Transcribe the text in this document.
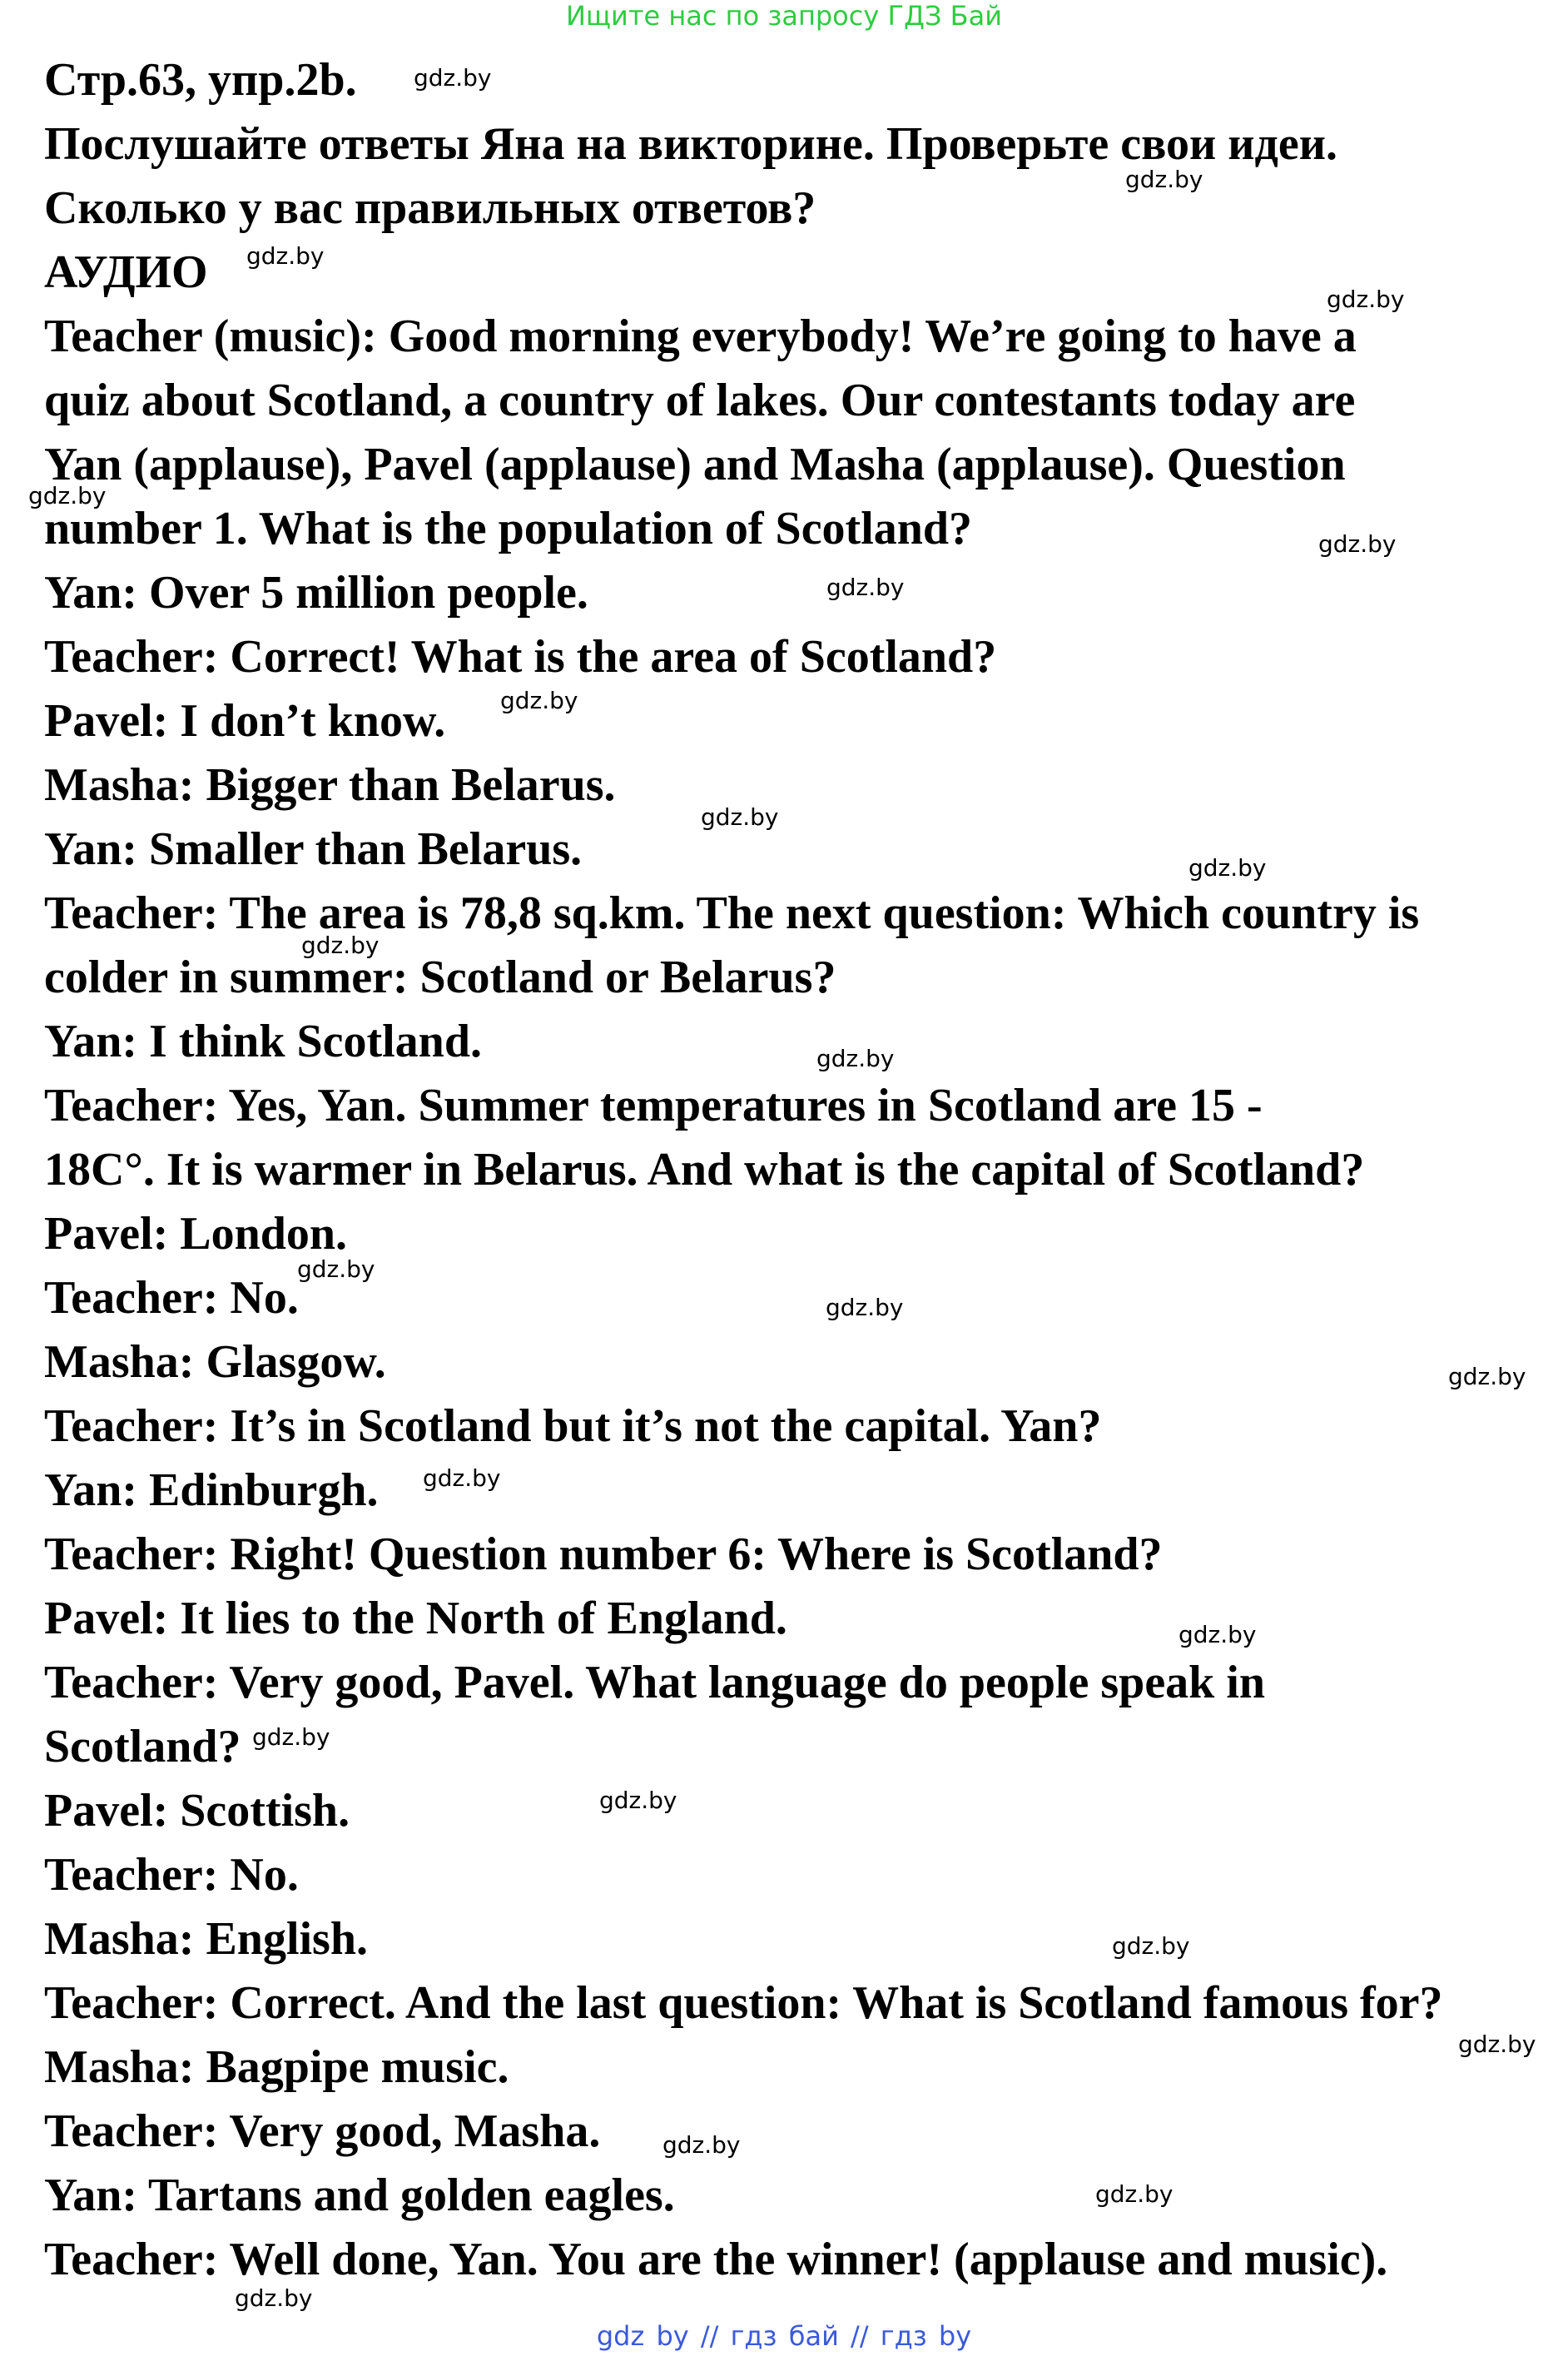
Ищите нас по запросу ГДЗ Бай
Стр.63, упр.2b.
Послушайте ответы Яна на викторине. Проверьте свои идеи.
Сколько у вас правильных ответов?
АУДИО
Teacher (music): Good morning everybody! We’re going to have a
quiz about Scotland, a country of lakes. Our contestants today are
Yan (applause), Pavel (applause) and Masha (applause). Question
number 1. What is the population of Scotland?
Yan: Over 5 million people.
Teacher: Correct! What is the area of Scotland?
Pavel: I don’t know.
Masha: Bigger than Belarus.
Yan: Smaller than Belarus.
Teacher: The area is 78,8 sq.km. The next question: Which country is
colder in summer: Scotland or Belarus?
Yan: I think Scotland.
Teacher: Yes, Yan. Summer temperatures in Scotland are 15 -
18C°. It is warmer in Belarus. And what is the capital of Scotland?
Pavel: London.
Teacher: No.
Masha: Glasgow.
Teacher: It’s in Scotland but it’s not the capital. Yan?
Yan: Edinburgh.
Teacher: Right! Question number 6: Where is Scotland?
Pavel: It lies to the North of England.
Teacher: Very good, Pavel. What language do people speak in
Scotland?
Pavel: Scottish.
Teacher: No.
Masha: English.
Teacher: Correct. And the last question: What is Scotland famous for?
Masha: Bagpipe music.
Teacher: Very good, Masha.
Yan: Tartans and golden eagles.
Teacher: Well done, Yan. You are the winner! (applause and music).
gdz.by
gdz.by
gdz.by
gdz.by
gdz.by
gdz.by
gdz.by
gdz.by
gdz.by
gdz.by
gdz.by
gdz.by
gdz.by
gdz.by
gdz.by
gdz.by
gdz.by
gdz.by
gdz.by
gdz.by
gdz.by
gdz.by
gdz.by
gdz.by
gdz by // гдз бай // гдз by
